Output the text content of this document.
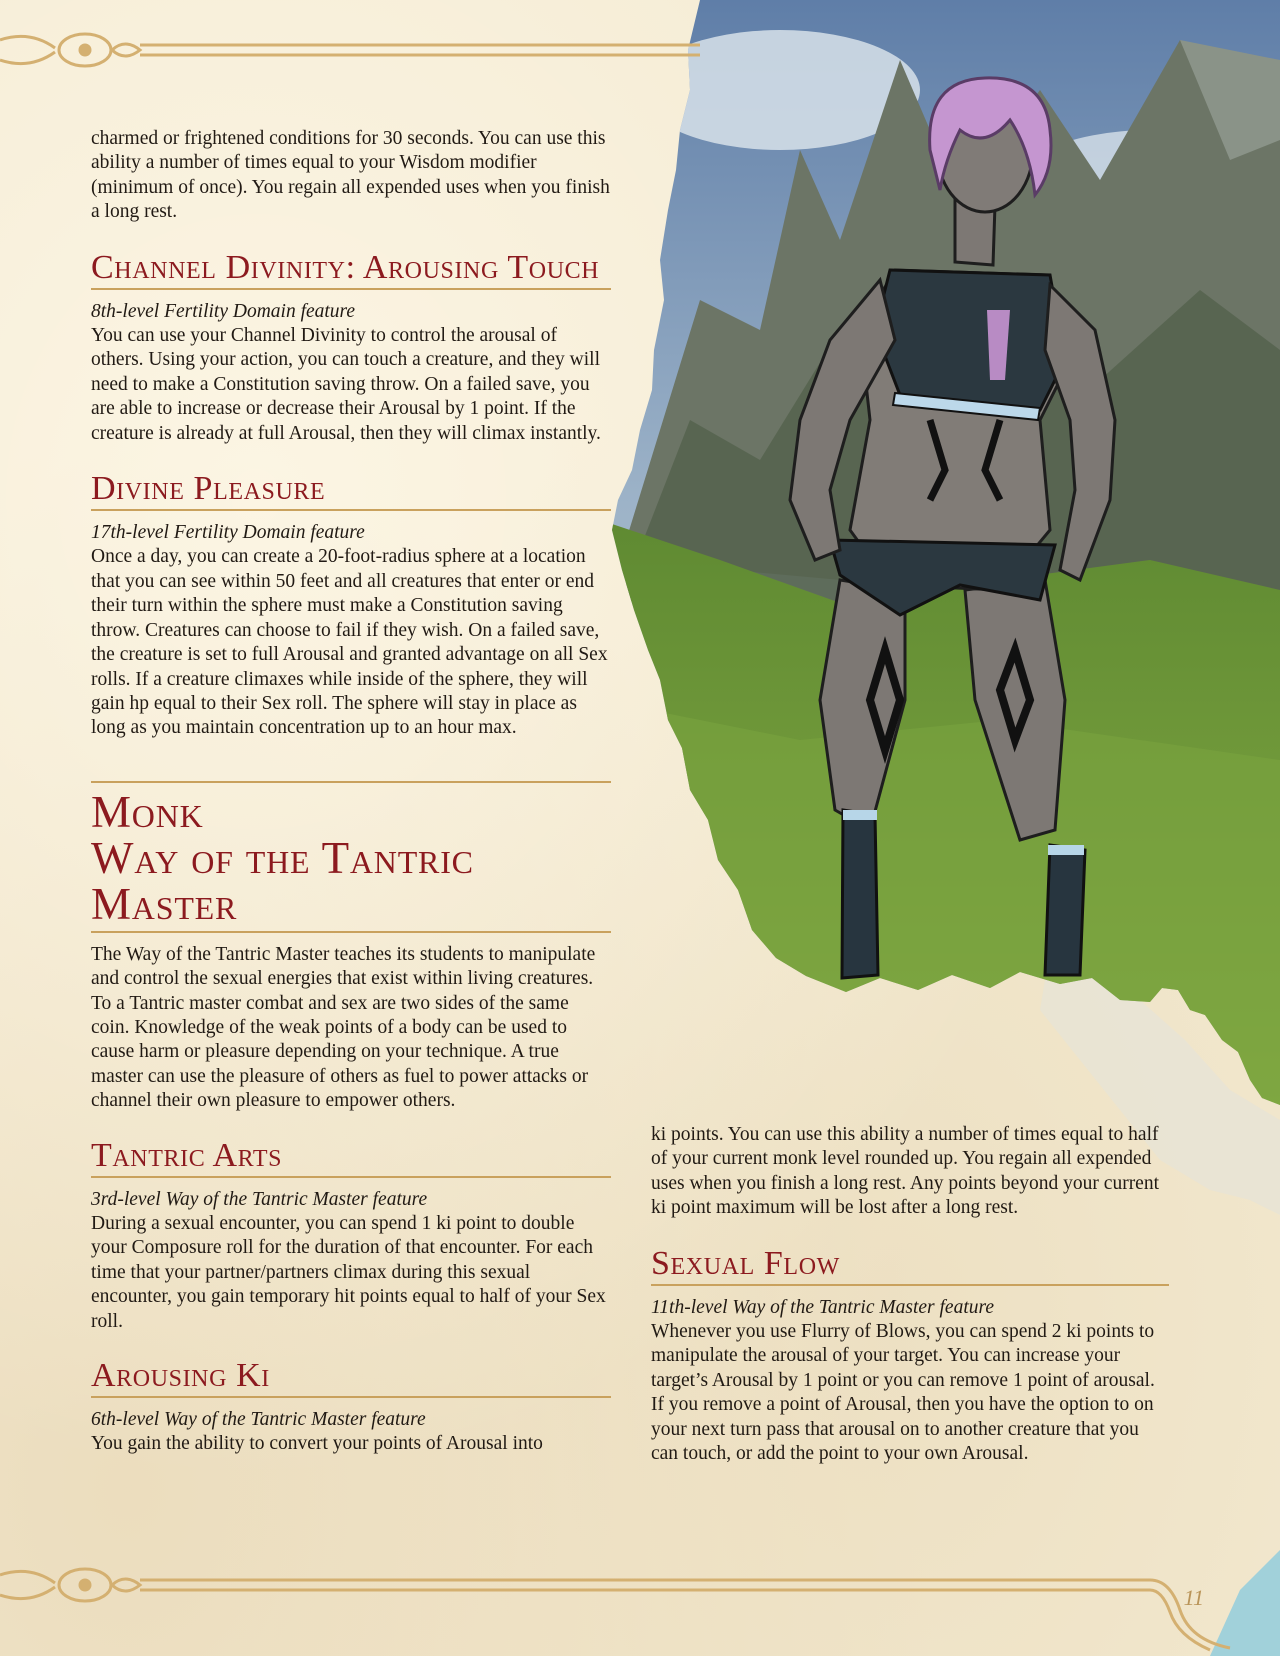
charmed or frightened conditions for 30 seconds. You can use this ability a number of times equal to your Wisdom modifier (minimum of once). You regain all expended uses when you finish a long rest.

Channel Divinity: Arousing Touch

8th-level Fertility Domain feature

You can use your Channel Divinity to control the arousal of others. Using your action, you can touch a creature, and they will need to make a Constitution saving throw. On a failed save, you are able to increase or decrease their Arousal by 1 point. If the creature is already at full Arousal, then they will climax instantly.

Divine Pleasure

17th-level Fertility Domain feature

Once a day, you can create a 20-foot-radius sphere at a location that you can see within 50 feet and all creatures that enter or end their turn within the sphere must make a Constitution saving throw. Creatures can choose to fail if they wish. On a failed save, the creature is set to full Arousal and granted advantage on all Sex rolls. If a creature climaxes while inside of the sphere, they will gain hp equal to their Sex roll. The sphere will stay in place as long as you maintain concentration up to an hour max.

Monk
Way of the Tantric Master

The Way of the Tantric Master teaches its students to manipulate and control the sexual energies that exist within living creatures. To a Tantric master combat and sex are two sides of the same coin. Knowledge of the weak points of a body can be used to cause harm or pleasure depending on your technique. A true master can use the pleasure of others as fuel to power attacks or channel their own pleasure to empower others.

Tantric Arts

3rd-level Way of the Tantric Master feature

During a sexual encounter, you can spend 1 ki point to double your Composure roll for the duration of that encounter. For each time that your partner/partners climax during this sexual encounter, you gain temporary hit points equal to half of your Sex roll.

Arousing Ki

6th-level Way of the Tantric Master feature

You gain the ability to convert your points of Arousal into

ki points. You can use this ability a number of times equal to half of your current monk level rounded up. You regain all expended uses when you finish a long rest. Any points beyond your current ki point maximum will be lost after a long rest.

Sexual Flow

11th-level Way of the Tantric Master feature

Whenever you use Flurry of Blows, you can spend 2 ki points to manipulate the arousal of your target. You can increase your target’s Arousal by 1 point or you can remove 1 point of arousal. If you remove a point of Arousal, then you have the option to on your next turn pass that arousal on to another creature that you can touch, or add the point to your own Arousal.

11
